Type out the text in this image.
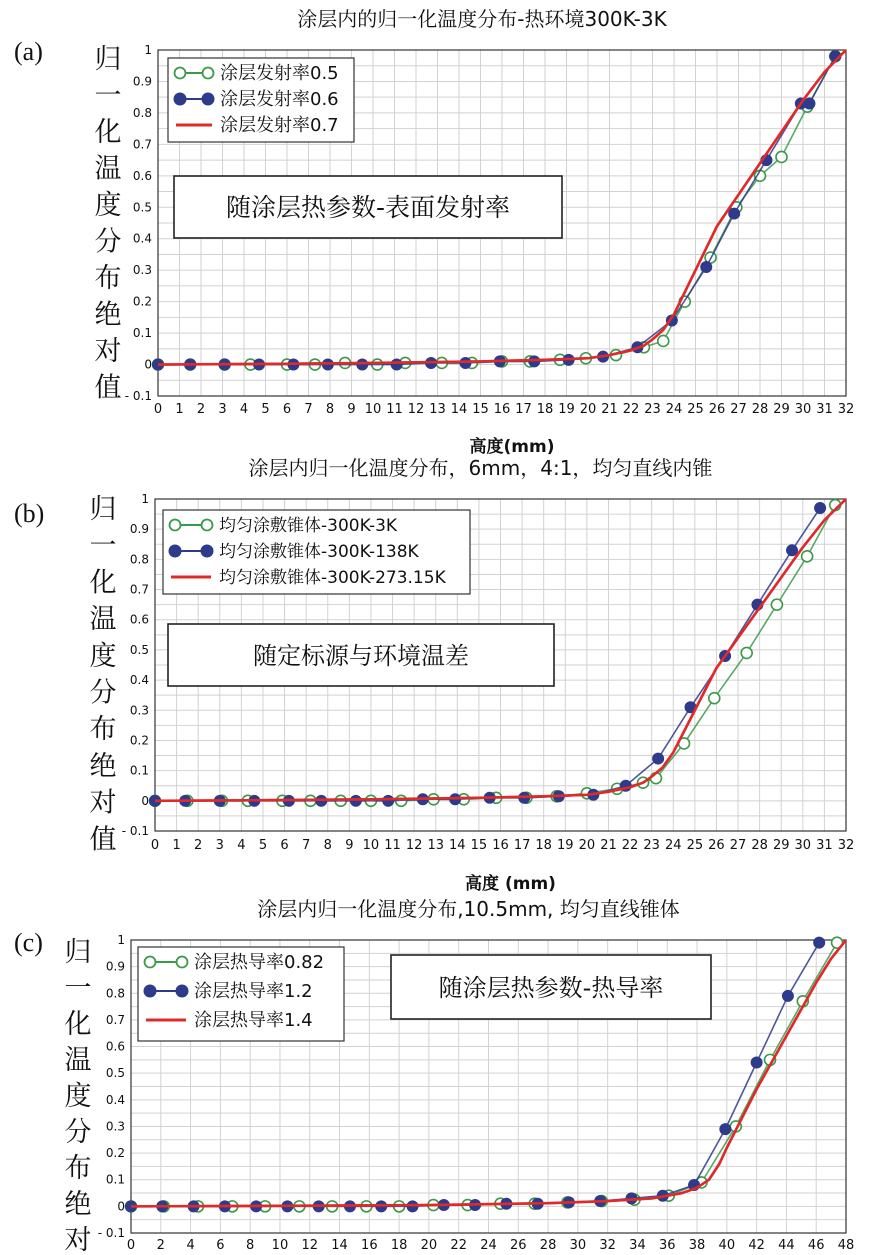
涂层内的归一化温度分布-热环境300K-3K
(a) 归一化温度分布绝对值
0 1 2 3 4 5 6 7 8 9 10 11 12 13 14 15 16 17 18 19 20 21 22 23 24 25 26 27 28 29 30 31 32
- 0.1
0
0.1
0.2
0.3
0.4
0.5
0.6
0.7
0.8
0.9
1
高度(mm)
涂层发射率0.5
涂层发射率0.6
涂层发射率0.7
随涂层热参数-表面发射率
涂层内归一化温度分布，6mm，4:1，均匀直线内锥
(b) 归一化温度分布绝对值	0 1 2 3 4 5 6 7 8 9 10 11 12 13 14 15 16 17 18 19 20 21 22 23 24 25 26 27 28 29 30 31 32
- 0.1
0
0.1
0.2
0.3
0.4
0.5
0.6
0.7
0.8
0.9
1
高度 (mm)
均匀涂敷锥体-300K-3K
均匀涂敷锥体-300K-138K
均匀涂敷锥体-300K-273.15K
随定标源与环境温差
涂层内归一化温度分布,10.5mm, 均匀直线锥体
(c) 归一化温度分布绝对	0 2 4 6 8 10 12 14 16 18 20 22 24 26 28 30 32 34 36 38 40 42 44 46 48
- 0.1
0
0.1
0.2
0.3
0.4
0.5
0.6
0.7
0.8
0.9
1
涂层热导率0.82
涂层热导率1.2
涂层热导率1.4
随涂层热参数-热导率
